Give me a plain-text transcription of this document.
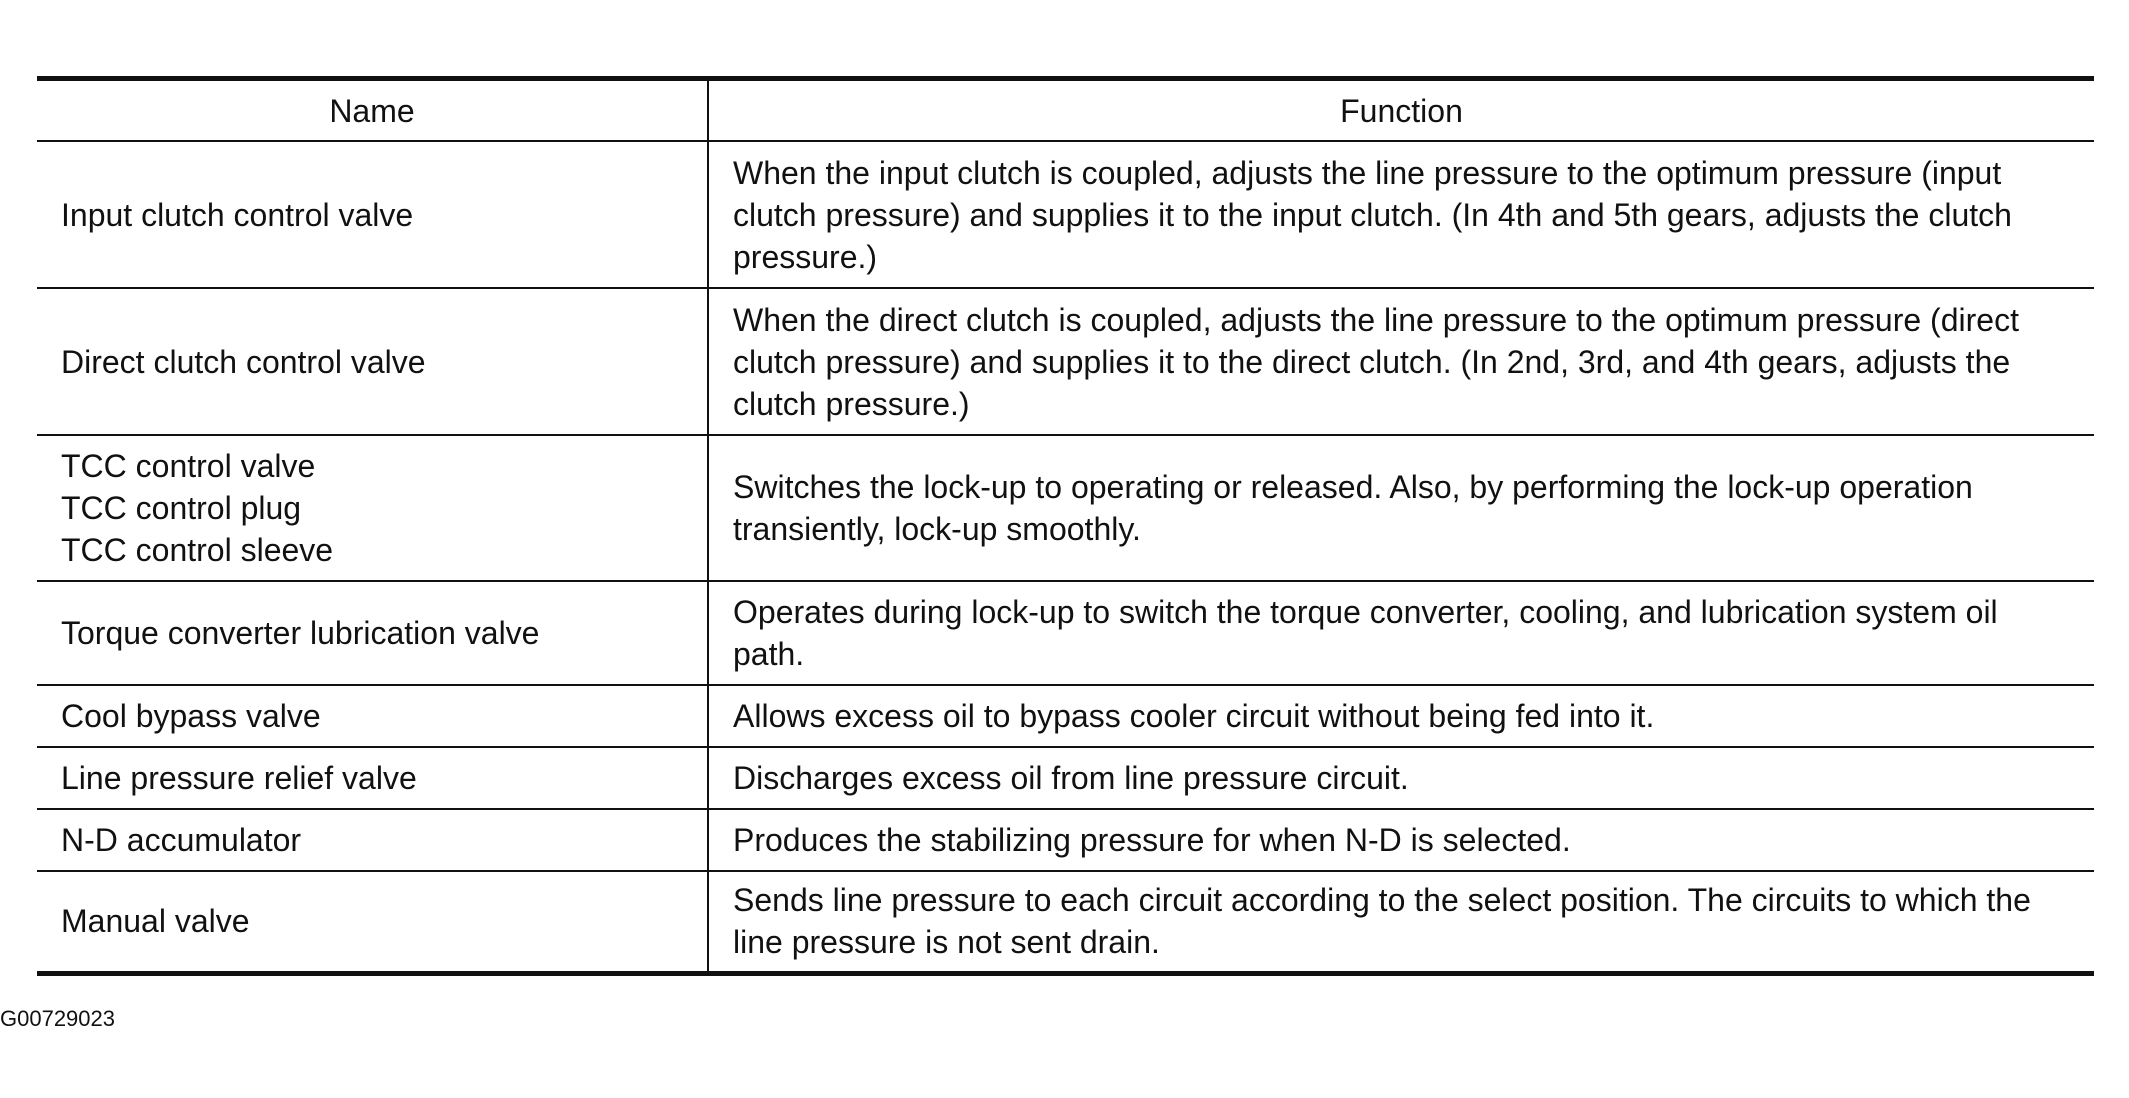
Name	Function

Input clutch control valve	When the input clutch is coupled, adjusts the line pressure to the optimum pressure (input clutch pressure) and supplies it to the input clutch. (In 4th and 5th gears, adjusts the clutch pressure.)

Direct clutch control valve	When the direct clutch is coupled, adjusts the line pressure to the optimum pressure (direct clutch pressure) and supplies it to the direct clutch. (In 2nd, 3rd, and 4th gears, adjusts the clutch pressure.)

TCC control valve
TCC control plug
TCC control sleeve	Switches the lock-up to operating or released. Also, by performing the lock-up operation transiently, lock-up smoothly.

Torque converter lubrication valve	Operates during lock-up to switch the torque converter, cooling, and lubrication system oil path.

Cool bypass valve	Allows excess oil to bypass cooler circuit without being fed into it.

Line pressure relief valve	Discharges excess oil from line pressure circuit.

N-D accumulator	Produces the stabilizing pressure for when N-D is selected.

Manual valve	Sends line pressure to each circuit according to the select position. The circuits to which the line pressure is not sent drain.
G00729023
